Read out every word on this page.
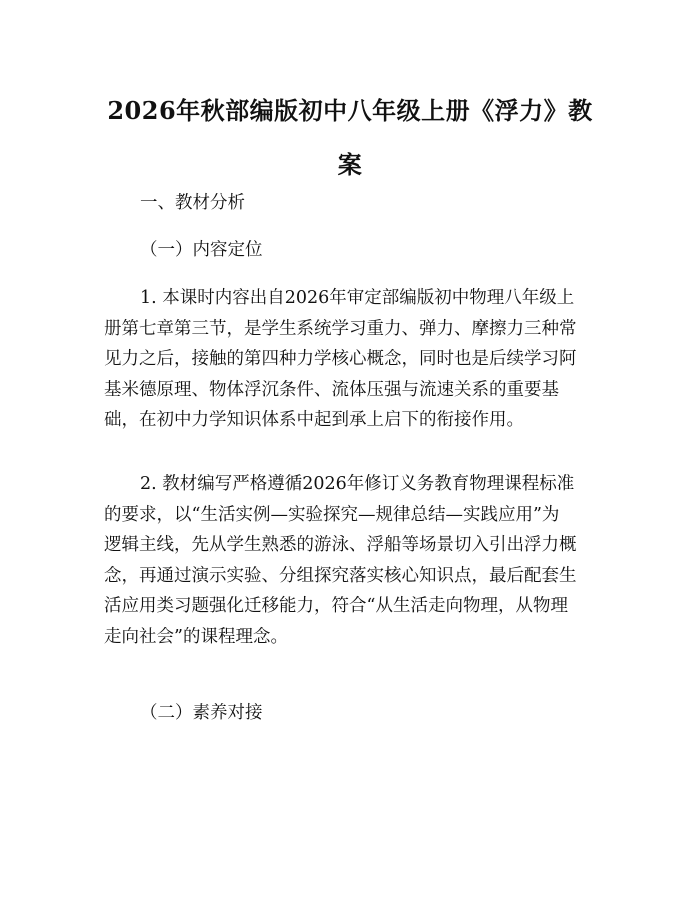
2026年秋部编版初中八年级上册《浮力》教
案
一、教材分析
（一）内容定位
1. 本课时内容出自2026年审定部编版初中物理八年级上
册第七章第三节，是学生系统学习重力、弹力、摩擦力三种常
见力之后，接触的第四种力学核心概念，同时也是后续学习阿
基米德原理、物体浮沉条件、流体压强与流速关系的重要基
础，在初中力学知识体系中起到承上启下的衔接作用。
2. 教材编写严格遵循2026年修订义务教育物理课程标准
的要求，以“生活实例—实验探究—规律总结—实践应用”为
逻辑主线，先从学生熟悉的游泳、浮船等场景切入引出浮力概
念，再通过演示实验、分组探究落实核心知识点，最后配套生
活应用类习题强化迁移能力，符合“从生活走向物理，从物理
走向社会”的课程理念。
（二）素养对接
